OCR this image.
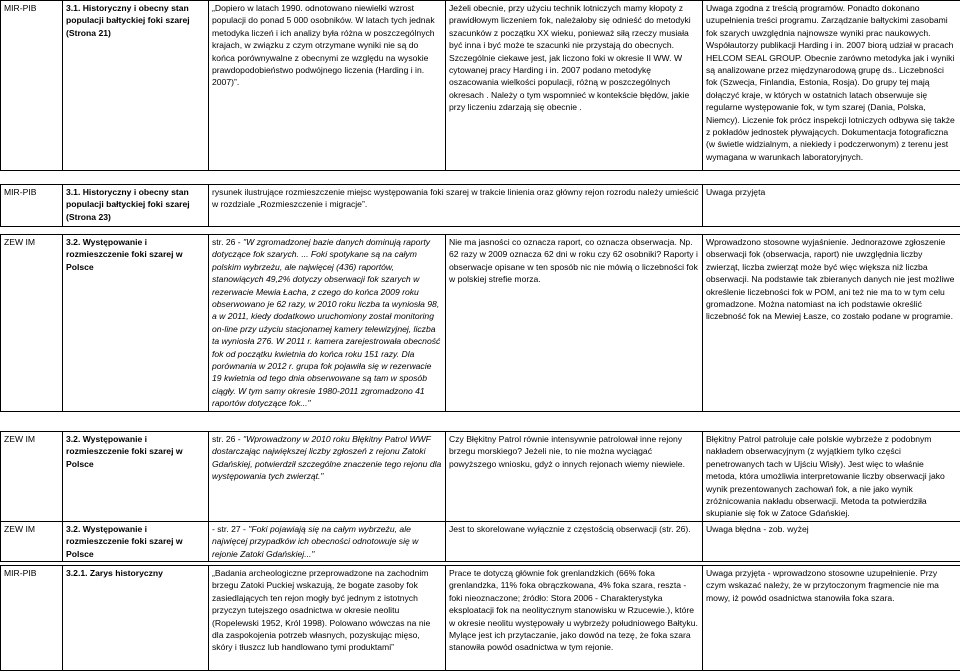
MIR-PIB	3.1. Historyczny i obecny stan populacji bałtyckiej foki szarej (Strona 21)	„Dopiero w latach 1990. odnotowano niewielki wzrost populacji do ponad 5 000 osobników. W latach tych jednak metodyka liczeń i ich analizy była różna w poszczególnych krajach, w związku z czym otrzymane wyniki nie są do końca porównywalne z obecnymi ze względu na wysokie prawdopodobieństwo podwójnego liczenia (Harding i in. 2007)”.	Jeżeli obecnie, przy użyciu technik lotniczych mamy kłopoty z prawidłowym liczeniem fok, należałoby się odnieść do metodyki szacunków z początku XX wieku, ponieważ siłą rzeczy musiała być inna i być może te szacunki nie przystają do obecnych. Szczególnie ciekawe jest, jak liczono foki w okresie II WW. W cytowanej pracy Harding i in. 2007 podano metodykę oszacowania wielkości populacji, różną w poszczególnych okresach . Należy o tym wspomnieć w kontekście błędów, jakie przy liczeniu zdarzają się obecnie .	Uwaga zgodna z treścią programów. Ponadto dokonano uzupełnienia treści programu. Zarządzanie bałtyckimi zasobami fok szarych uwzględnia najnowsze wyniki prac naukowych. Współautorzy publikacji Harding i in. 2007 biorą udział w pracach HELCOM SEAL GROUP. Obecnie zarówno metodyka jak i wyniki są analizowane przez międzynarodową grupę ds.. Liczebności fok (Szwecja, Finlandia, Estonia, Rosja). Do grupy tej mają dołączyć kraje, w których w ostatnich latach obserwuje się regularne występowanie fok, w tym szarej (Dania, Polska, Niemcy). Liczenie fok prócz inspekcji lotniczych odbywa się także z pokładów jednostek pływających. Dokumentacja fotograficzna (w świetle widzialnym, a niekiedy i podczerwonym) z terenu jest wymagana w warunkach laboratoryjnych.
MIR-PIB	3.1. Historyczny i obecny stan populacji bałtyckiej foki szarej (Strona 23)	rysunek ilustrujące rozmieszczenie miejsc występowania foki szarej w trakcie linienia oraz główny rejon rozrodu należy umieścić w rozdziale „Rozmieszczenie i migracje”.	Uwaga przyjęta
ZEW IM	3.2. Występowanie i rozmieszczenie foki szarej w Polsce	str. 26 - "W zgromadzonej bazie danych dominują raporty dotyczące fok szarych. ... Foki spotykane są na całym polskim wybrzeżu, ale najwięcej (436) raportów, stanowiących 49,2% dotyczy obserwacji fok szarych w rezerwacie Mewia Łacha, z czego do końca 2009 roku obserwowano je 62 razy, w 2010 roku liczba ta wyniosła 98, a w 2011, kiedy dodatkowo uruchomiony został monitoring on-line przy użyciu stacjonarnej kamery telewizyjnej, liczba ta wyniosła 276. W 2011 r. kamera zarejestrowała obecność fok od początku kwietnia do końca roku 151 razy. Dla porównania w 2012 r. grupa fok pojawiła się w rezerwacie 19 kwietnia od tego dnia obserwowane są tam w sposób ciągły. W tym samy okresie 1980-2011 zgromadzono 41 raportów dotyczące fok..."	Nie ma jasności co oznacza raport, co oznacza obserwacja. Np. 62 razy w 2009 oznacza 62 dni w roku czy 62 osobniki? Raporty i obserwacje opisane w ten sposób nic nie mówią o liczebności fok w polskiej strefie morza.	Wprowadzono stosowne wyjaśnienie. Jednorazowe zgłoszenie obserwacji fok (obserwacja, raport) nie uwzględnia liczby zwierząt, liczba zwierząt może być więc większa niż liczba obserwacji. Na podstawie tak zbieranych danych nie jest możliwe określenie liczebności fok w POM, ani też nie ma to w tym celu gromadzone. Można natomiast na ich podstawie określić liczebność fok na Mewiej Łasze, co zostało podane w programie.
ZEW IM	3.2. Występowanie i rozmieszczenie foki szarej w Polsce	str. 26 - "Wprowadzony w 2010 roku Błękitny Patrol WWF dostarczając największej liczby zgłoszeń z rejonu Zatoki Gdańskiej, potwierdził szczególne znaczenie tego rejonu dla występowania tych zwierząt."	Czy Błękitny Patrol równie intensywnie patrolował inne rejony brzegu morskiego? Jeżeli nie, to nie można wyciągać powyższego wniosku, gdyż o innych rejonach wiemy niewiele.	Błękitny Patrol patroluje całe polskie wybrzeże z podobnym nakładem obserwacyjnym (z wyjątkiem tylko części penetrowanych tach w Ujściu Wisły). Jest więc to właśnie metoda, która umożliwia interpretowanie liczby obserwacji jako wynik prezentowanych zachowań fok, a nie jako wynik zróżnicowania nakładu obserwacji. Metoda ta potwierdziła skupianie się fok w Zatoce Gdańskiej.
ZEW IM	3.2. Występowanie i rozmieszczenie foki szarej w Polsce	- str. 27 - "Foki pojawiają się na całym wybrzeżu, ale najwięcej przypadków ich obecności odnotowuje się w rejonie Zatoki Gdańskiej..."	Jest to skorelowane wyłącznie z częstością obserwacji (str. 26).	Uwaga błędna - zob. wyżej
MIR-PIB	3.2.1. Zarys historyczny	„Badania archeologiczne przeprowadzone na zachodnim brzegu Zatoki Puckiej wskazują, że bogate zasoby fok zasiedlających ten rejon mogły być jednym z istotnych przyczyn tutejszego osadnictwa w okresie neolitu (Ropelewski 1952, Król 1998). Polowano wówczas na nie dla zaspokojenia potrzeb własnych, pozyskując mięso, skóry i tłuszcz lub handlowano tymi produktami”	Prace te dotyczą głównie fok grenlandzkich (66% foka grenlandzka, 11% foka obrączkowana, 4% foka szara, reszta - foki nieoznaczone; źródło: Stora 2006 - Charakterystyka eksploatacji fok na neolitycznym stanowisku w Rzucewie.), które w okresie neolitu występowały u wybrzeży południowego Bałtyku. Mylące jest ich przytaczanie, jako dowód na tezę, że foka szara stanowiła powód osadnictwa w tym rejonie.	Uwaga przyjęta - wprowadzono stosowne uzupełnienie. Przy czym wskazać należy, że w przytoczonym fragmencie nie ma mowy, iż powód osadnictwa stanowiła foka szara.
